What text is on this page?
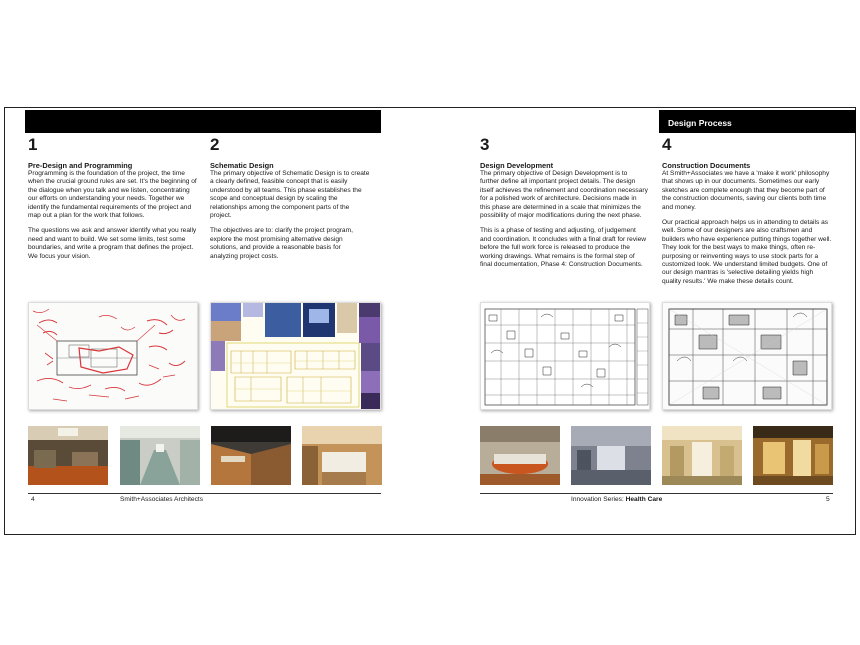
Design Process
1
Pre-Design and Programming

Programming is the foundation of the project, the time when the crucial ground rules are set. It's the beginning of the dialogue when you talk and we listen, concentrating our efforts on understanding your needs. Together we identify the fundamental requirements of the project and map out a plan for the work that follows.

The questions we ask and answer identify what you really need and want to build. We set some limits, test some boundaries, and write a program that defines the project. We focus your vision.

2
Schematic Design

The primary objective of Schematic Design is to create a clearly defined, feasible concept that is easily understood by all teams. This phase establishes the scope and conceptual design by scaling the relationships among the component parts of the project.

The objectives are to: clarify the project program, explore the most promising alternative design solutions, and provide a reasonable basis for analyzing project costs.

3
Design Development

The primary objective of Design Development is to further define all important project details. The design itself achieves the refinement and coordination necessary for a polished work of architecture. Decisions made in this phase are determined in a scale that minimizes the possibility of major modifications during the next phase.

This is a phase of testing and adjusting, of judgement and coordination. It concludes with a final draft for review before the full work force is released to produce the working drawings. What remains is the formal step of final documentation, Phase 4: Construction Documents.

4
Construction Documents

At Smith+Associates we have a 'make it work' philosophy that shows up in our documents. Sometimes our early sketches are complete enough that they become part of the construction documents, saving our clients both time and money.

Our practical approach helps us in attending to details as well. Some of our designers are also craftsmen and builders who have experience putting things together well. They look for the best ways to make things, often re-purposing or reinventing ways to use stock parts for a customized look. We understand limited budgets. One of our design mantras is 'selective detailing yields high quality results.' We make these details count.

4	Smith+Associates Architects	Innovation Series: Health Care	5
